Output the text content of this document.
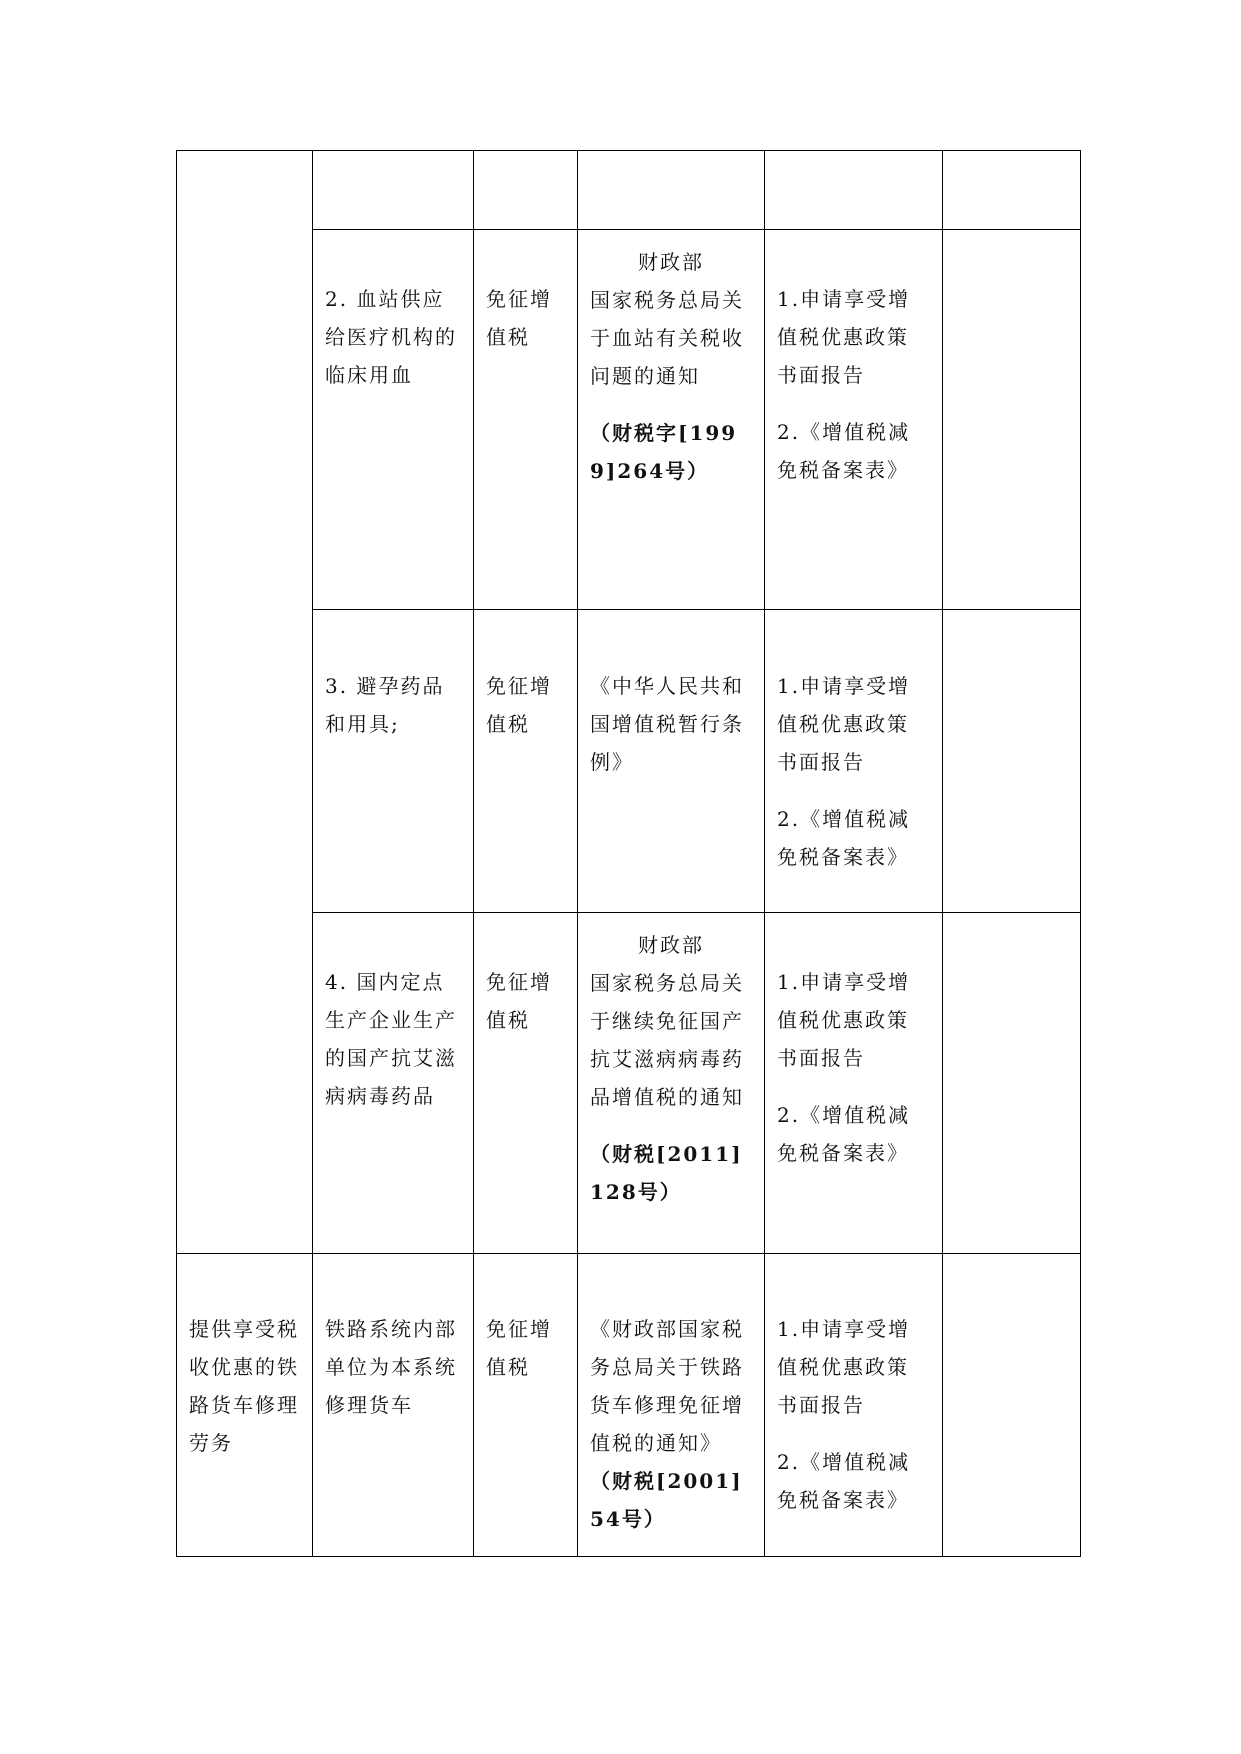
	2. 血站供应给医疗机构的临床用血	免征增值税	财政部
国家税务总局关于血站有关税收问题的通知
（财税字[1999]264号）	1.申请享受增值税优惠政策书面报告
2.《增值税减免税备案表》	

	3. 避孕药品和用具;	免征增值税	《中华人民共和国增值税暂行条例》	1.申请享受增值税优惠政策书面报告
2.《增值税减免税备案表》	

	4. 国内定点生产企业生产的国产抗艾滋病病毒药品	免征增值税	财政部
国家税务总局关于继续免征国产抗艾滋病病毒药品增值税的通知
（财税[2011]128号）	1.申请享受增值税优惠政策书面报告
2.《增值税减免税备案表》	

提供享受税收优惠的铁路货车修理劳务	铁路系统内部单位为本系统修理货车	免征增值税	《财政部国家税务总局关于铁路货车修理免征增值税的通知》
（财税[2001]54号）	1.申请享受增值税优惠政策书面报告
2.《增值税减免税备案表》	
